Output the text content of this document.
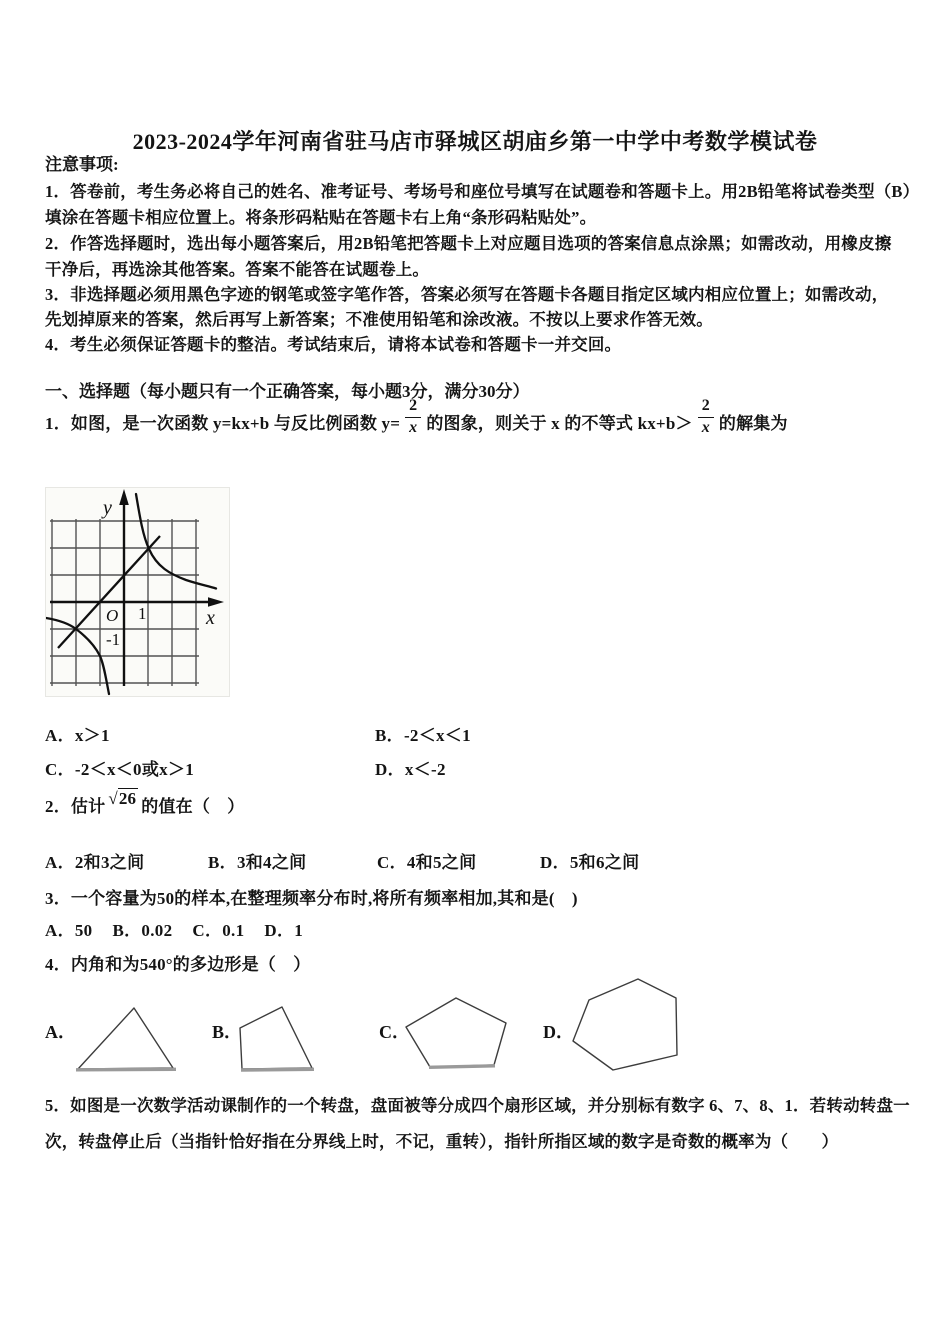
2023-2024学年河南省驻马店市驿城区胡庙乡第一中学中考数学模试卷
注意事项:
1．答卷前，考生务必将自己的姓名、准考证号、考场号和座位号填写在试题卷和答题卡上。用2B铅笔将试卷类型（B）
填涂在答题卡相应位置上。将条形码粘贴在答题卡右上角“条形码粘贴处”。
2．作答选择题时，选出每小题答案后，用2B铅笔把答题卡上对应题目选项的答案信息点涂黑；如需改动，用橡皮擦
干净后，再选涂其他答案。答案不能答在试题卷上。
3．非选择题必须用黑色字迹的钢笔或签字笔作答，答案必须写在答题卡各题目指定区域内相应位置上；如需改动，
先划掉原来的答案，然后再写上新答案；不准使用铅笔和涂改液。不按以上要求作答无效。
4．考生必须保证答题卡的整洁。考试结束后，请将本试卷和答题卡一并交回。
一、选择题（每小题只有一个正确答案，每小题3分，满分30分）
1．如图，是一次函数 y=kx+b 与反比例函数 $y= \frac{2}{x}$ 的图象，则关于 x 的不等式 $kx+b> \frac{2}{x}$ 的解集为
y
x
O 1
-1
A．x＞1	B．-2＜x＜1
C．-2＜x＜0或x＞1	D．x＜-2
2．估计 √26 的值在（　）
A．2和3之间	B．3和4之间	C．4和5之间	D．5和6之间
3．一个容量为50的样本,在整理频率分布时,将所有频率相加,其和是(　)
A．50 B．0.02 C．0.1 D．1
4．内角和为540°的多边形是（　）
A．	B．	C．	D．
5．如图是一次数学活动课制作的一个转盘，盘面被等分成四个扇形区域，并分别标有数字 6、7、8、1．若转动转盘一
次，转盘停止后（当指针恰好指在分界线上时，不记，重转），指针所指区域的数字是奇数的概率为（　　）
